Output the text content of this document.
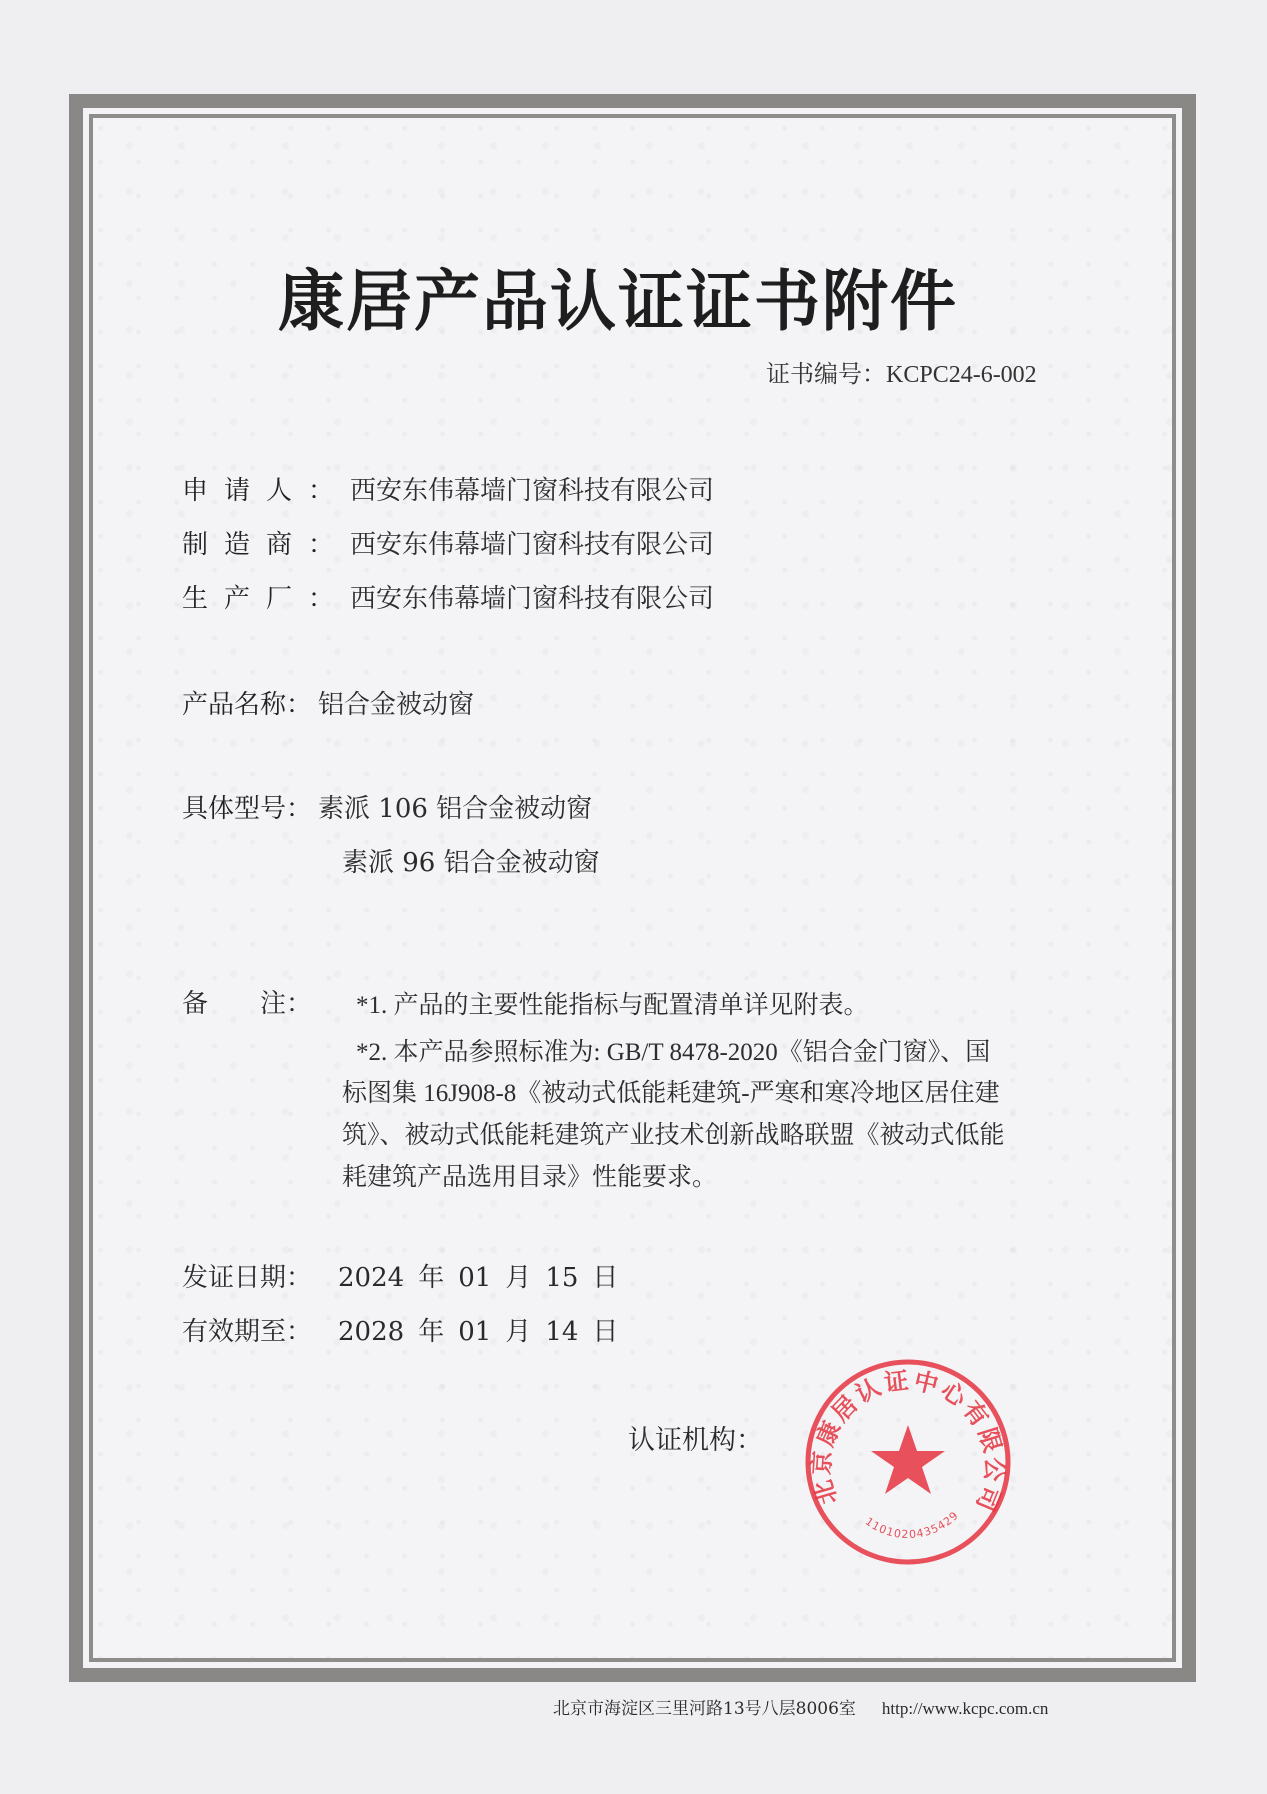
康居产品认证证书附件
证书编号：KCPC24-6-002
申请人：西安东伟幕墙门窗科技有限公司
制造商：西安东伟幕墙门窗科技有限公司
生产厂：西安东伟幕墙门窗科技有限公司
产品名称： 铝合金被动窗
具体型号： 素派 106 铝合金被动窗
素派 96 铝合金被动窗
备　　注： *1. 产品的主要性能指标与配置清单详见附表。
*2. 本产品参照标准为: GB/T 8478-2020《铝合金门窗》、国
标图集 16J908-8《被动式低能耗建筑-严寒和寒冷地区居住建
筑》、被动式低能耗建筑产业技术创新战略联盟《被动式低能
耗建筑产品选用目录》性能要求。
发证日期： 2024 年 01 月 15 日
有效期至： 2028 年 01 月 14 日
认证机构：
北京康居认证中心有限公司
1101020435429
北京市海淀区三里河路13号八层8006室 http://www.kcpc.com.cn
